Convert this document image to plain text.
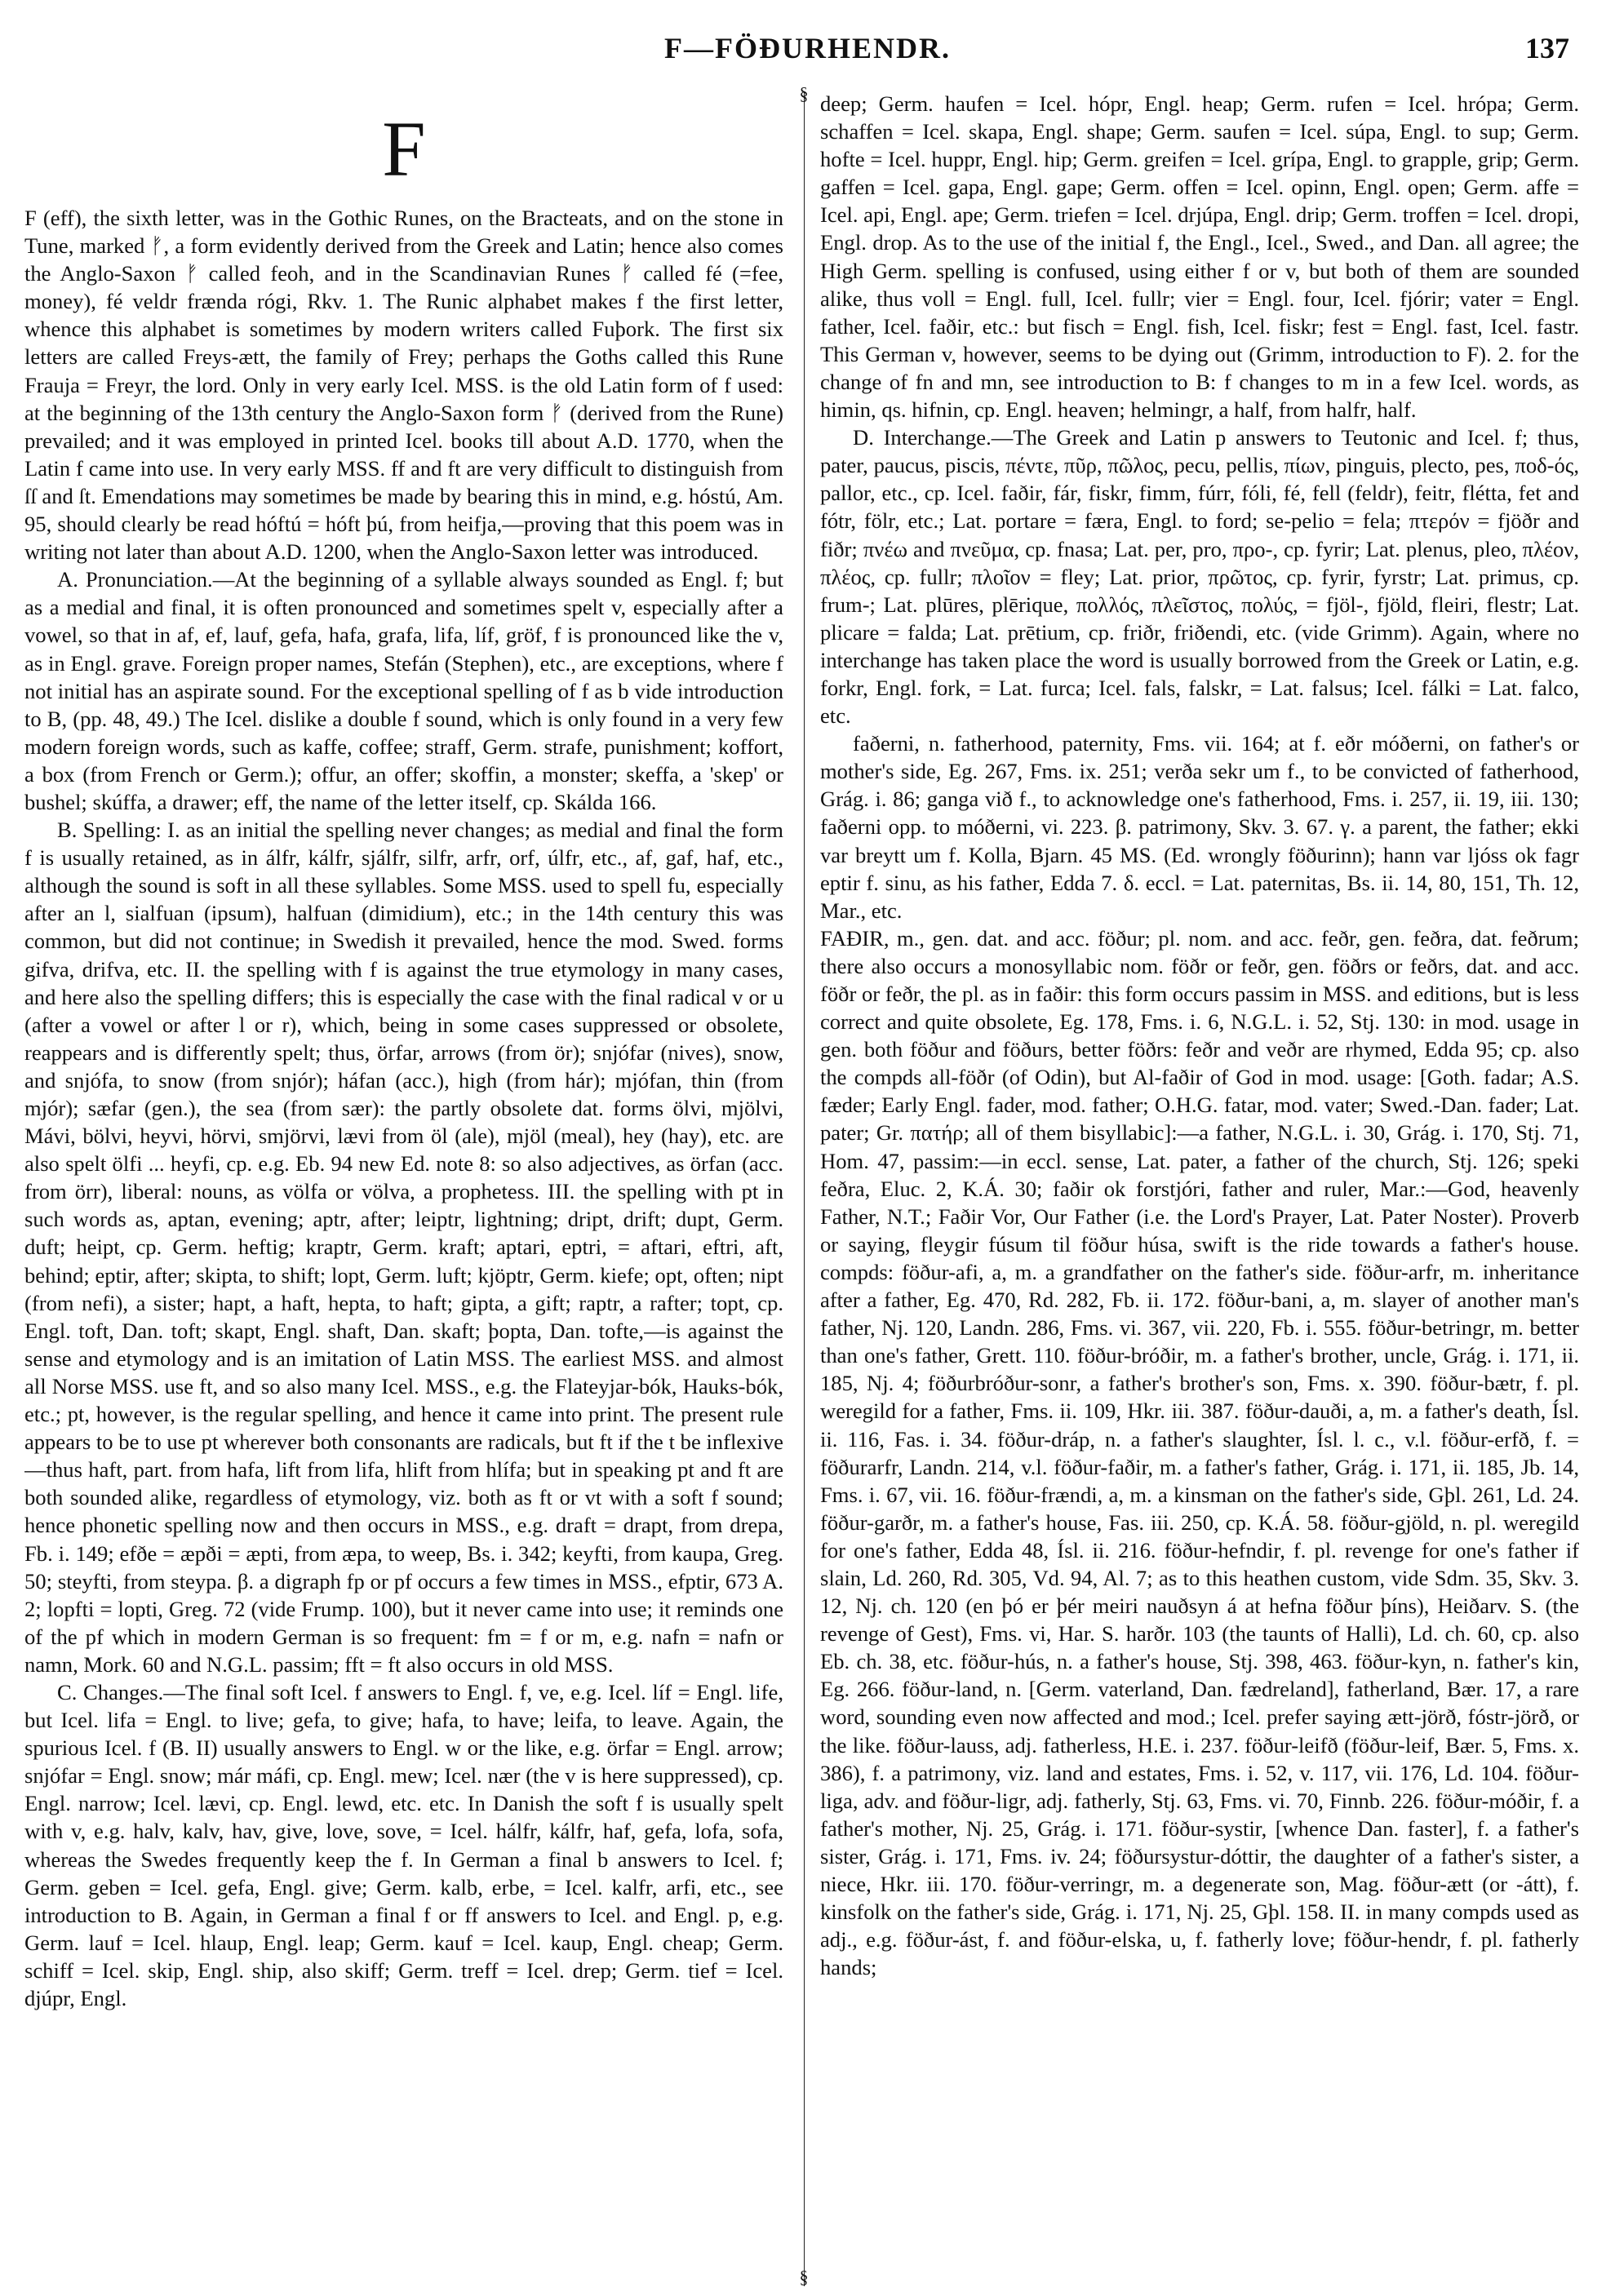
F—FÖÐURHENDR.	137
F

F (eff), the sixth letter, was in the Gothic Runes, on the Bracteats, and on the stone in Tune, marked ᚠ, a form evidently derived from the Greek and Latin; hence also comes the Anglo-Saxon ᚠ called feoh, and in the Scandinavian Runes ᚠ called fé (=fee, money), fé veldr frænda rógi, Rkv. 1. The Runic alphabet makes f the first letter, whence this alphabet is sometimes by modern writers called Fuþork. The first six letters are called Freys-ætt, the family of Frey; perhaps the Goths called this Rune Frauja = Freyr, the lord. Only in very early Icel. MSS. is the old Latin form of f used: at the beginning of the 13th century the Anglo-Saxon form ᚠ (derived from the Rune) prevailed; and it was employed in printed Icel. books till about A.D. 1770, when the Latin f came into use. In very early MSS. ff and ft are very difficult to distinguish from ſſ and ſt. Emendations may sometimes be made by bearing this in mind, e.g. hóstú, Am. 95, should clearly be read hóftú = hóft þú, from heifja,—proving that this poem was in writing not later than about A.D. 1200, when the Anglo-Saxon letter was introduced.

A. Pronunciation.—At the beginning of a syllable always sounded as Engl. f; but as a medial and final, it is often pronounced and sometimes spelt v, especially after a vowel, so that in af, ef, lauf, gefa, hafa, grafa, lifa, líf, gröf, f is pronounced like the v, as in Engl. grave. Foreign proper names, Stefán (Stephen), etc., are exceptions, where f not initial has an aspirate sound. For the exceptional spelling of f as b vide introduction to B, (pp. 48, 49.) The Icel. dislike a double f sound, which is only found in a very few modern foreign words, such as kaffe, coffee; straff, Germ. strafe, punishment; koffort, a box (from French or Germ.); offur, an offer; skoffin, a monster; skeffa, a 'skep' or bushel; skúffa, a drawer; eff, the name of the letter itself, cp. Skálda 166.

B. Spelling: I. as an initial the spelling never changes; as medial and final the form f is usually retained, as in álfr, kálfr, sjálfr, silfr, arfr, orf, úlfr, etc., af, gaf, haf, etc., although the sound is soft in all these syllables. Some MSS. used to spell fu, especially after an l, sialfuan (ipsum), halfuan (dimidium), etc.; in the 14th century this was common, but did not continue; in Swedish it prevailed, hence the mod. Swed. forms gifva, drifva, etc. II. the spelling with f is against the true etymology in many cases, and here also the spelling differs; this is especially the case with the final radical v or u (after a vowel or after l or r), which, being in some cases suppressed or obsolete, reappears and is differently spelt; thus, örfar, arrows (from ör); snjófar (nives), snow, and snjófa, to snow (from snjór); háfan (acc.), high (from hár); mjófan, thin (from mjór); sæfar (gen.), the sea (from sær): the partly obsolete dat. forms ölvi, mjölvi, Mávi, bölvi, heyvi, hörvi, smjörvi, lævi from öl (ale), mjöl (meal), hey (hay), etc. are also spelt ölfi ... heyfi, cp. e.g. Eb. 94 new Ed. note 8: so also adjectives, as örfan (acc. from örr), liberal: nouns, as völfa or völva, a prophetess. III. the spelling with pt in such words as, aptan, evening; aptr, after; leiptr, lightning; dript, drift; dupt, Germ. duft; heipt, cp. Germ. heftig; kraptr, Germ. kraft; aptari, eptri, = aftari, eftri, aft, behind; eptir, after; skipta, to shift; lopt, Germ. luft; kjöptr, Germ. kiefe; opt, often; nipt (from nefi), a sister; hapt, a haft, hepta, to haft; gipta, a gift; raptr, a rafter; topt, cp. Engl. toft, Dan. toft; skapt, Engl. shaft, Dan. skaft; þopta, Dan. tofte,—is against the sense and etymology and is an imitation of Latin MSS. The earliest MSS. and almost all Norse MSS. use ft, and so also many Icel. MSS., e.g. the Flateyjar-bók, Hauks-bók, etc.; pt, however, is the regular spelling, and hence it came into print. The present rule appears to be to use pt wherever both consonants are radicals, but ft if the t be inflexive—thus haft, part. from hafa, lift from lifa, hlift from hlífa; but in speaking pt and ft are both sounded alike, regardless of etymology, viz. both as ft or vt with a soft f sound; hence phonetic spelling now and then occurs in MSS., e.g. draft = drapt, from drepa, Fb. i. 149; efðe = æpði = æpti, from æpa, to weep, Bs. i. 342; keyfti, from kaupa, Greg. 50; steyfti, from steypa. β. a digraph fp or pf occurs a few times in MSS., efptir, 673 A. 2; lopfti = lopti, Greg. 72 (vide Frump. 100), but it never came into use; it reminds one of the pf which in modern German is so frequent: fm = f or m, e.g. nafn = nafn or namn, Mork. 60 and N.G.L. passim; fft = ft also occurs in old MSS.

C. Changes.—The final soft Icel. f answers to Engl. f, ve, e.g. Icel. líf = Engl. life, but Icel. lifa = Engl. to live; gefa, to give; hafa, to have; leifa, to leave. Again, the spurious Icel. f (B. II) usually answers to Engl. w or the like, e.g. örfar = Engl. arrow; snjófar = Engl. snow; már máfi, cp. Engl. mew; Icel. nær (the v is here suppressed), cp. Engl. narrow; Icel. lævi, cp. Engl. lewd, etc. etc. In Danish the soft f is usually spelt with v, e.g. halv, kalv, hav, give, love, sove, = Icel. hálfr, kálfr, haf, gefa, lofa, sofa, whereas the Swedes frequently keep the f. In German a final b answers to Icel. f; Germ. geben = Icel. gefa, Engl. give; Germ. kalb, erbe, = Icel. kalfr, arfi, etc., see introduction to B. Again, in German a final f or ff answers to Icel. and Engl. p, e.g. Germ. lauf = Icel. hlaup, Engl. leap; Germ. kauf = Icel. kaup, Engl. cheap; Germ. schiff = Icel. skip, Engl. ship, also skiff; Germ. treff = Icel. drep; Germ. tief = Icel. djúpr, Engl.

§
§

deep; Germ. haufen = Icel. hópr, Engl. heap; Germ. rufen = Icel. hrópa; Germ. schaffen = Icel. skapa, Engl. shape; Germ. saufen = Icel. súpa, Engl. to sup; Germ. hofte = Icel. huppr, Engl. hip; Germ. greifen = Icel. grípa, Engl. to grapple, grip; Germ. gaffen = Icel. gapa, Engl. gape; Germ. offen = Icel. opinn, Engl. open; Germ. affe = Icel. api, Engl. ape; Germ. triefen = Icel. drjúpa, Engl. drip; Germ. troffen = Icel. dropi, Engl. drop. As to the use of the initial f, the Engl., Icel., Swed., and Dan. all agree; the High Germ. spelling is confused, using either f or v, but both of them are sounded alike, thus voll = Engl. full, Icel. fullr; vier = Engl. four, Icel. fjórir; vater = Engl. father, Icel. faðir, etc.: but fisch = Engl. fish, Icel. fiskr; fest = Engl. fast, Icel. fastr. This German v, however, seems to be dying out (Grimm, introduction to F). 2. for the change of fn and mn, see introduction to B: f changes to m in a few Icel. words, as himin, qs. hifnin, cp. Engl. heaven; helmingr, a half, from halfr, half.

D. Interchange.—The Greek and Latin p answers to Teutonic and Icel. f; thus, pater, paucus, piscis, πέντε, πῦρ, πῶλος, pecu, pellis, πίων, pinguis, plecto, pes, ποδ-ός, pallor, etc., cp. Icel. faðir, fár, fiskr, fimm, fúrr, fóli, fé, fell (feldr), feitr, flétta, fet and fótr, fölr, etc.; Lat. portare = færa, Engl. to ford; se-pelio = fela; πτερόν = fjöðr and fiðr; πνέω and πνεῦμα, cp. fnasa; Lat. per, pro, προ-, cp. fyrir; Lat. plenus, pleo, πλέον, πλέος, cp. fullr; πλοῖον = fley; Lat. prior, πρῶτος, cp. fyrir, fyrstr; Lat. primus, cp. frum-; Lat. plūres, plērique, πολλός, πλεῖστος, πολύς, = fjöl-, fjöld, fleiri, flestr; Lat. plicare = falda; Lat. prētium, cp. friðr, friðendi, etc. (vide Grimm). Again, where no interchange has taken place the word is usually borrowed from the Greek or Latin, e.g. forkr, Engl. fork, = Lat. furca; Icel. fals, falskr, = Lat. falsus; Icel. fálki = Lat. falco, etc.

faðerni, n. fatherhood, paternity, Fms. vii. 164; at f. eðr móðerni, on father's or mother's side, Eg. 267, Fms. ix. 251; verða sekr um f., to be convicted of fatherhood, Grág. i. 86; ganga við f., to acknowledge one's fatherhood, Fms. i. 257, ii. 19, iii. 130; faðerni opp. to móðerni, vi. 223. β. patrimony, Skv. 3. 67. γ. a parent, the father; ekki var breytt um f. Kolla, Bjarn. 45 MS. (Ed. wrongly föðurinn); hann var ljóss ok fagr eptir f. sinu, as his father, Edda 7. δ. eccl. = Lat. paternitas, Bs. ii. 14, 80, 151, Th. 12, Mar., etc.

FAÐIR, m., gen. dat. and acc. föður; pl. nom. and acc. feðr, gen. feðra, dat. feðrum; there also occurs a monosyllabic nom. föðr or feðr, gen. föðrs or feðrs, dat. and acc. föðr or feðr, the pl. as in faðir: this form occurs passim in MSS. and editions, but is less correct and quite obsolete, Eg. 178, Fms. i. 6, N.G.L. i. 52, Stj. 130: in mod. usage in gen. both föður and föðurs, better föðrs: feðr and veðr are rhymed, Edda 95; cp. also the compds all-föðr (of Odin), but Al-faðir of God in mod. usage: [Goth. fadar; A.S. fæder; Early Engl. fader, mod. father; O.H.G. fatar, mod. vater; Swed.-Dan. fader; Lat. pater; Gr. πατήρ; all of them bisyllabic]:—a father, N.G.L. i. 30, Grág. i. 170, Stj. 71, Hom. 47, passim:—in eccl. sense, Lat. pater, a father of the church, Stj. 126; speki feðra, Eluc. 2, K.Á. 30; faðir ok forstjóri, father and ruler, Mar.:—God, heavenly Father, N.T.; Faðir Vor, Our Father (i.e. the Lord's Prayer, Lat. Pater Noster). Proverb or saying, fleygir fúsum til föður húsa, swift is the ride towards a father's house. compds: föður-afi, a, m. a grandfather on the father's side. föður-arfr, m. inheritance after a father, Eg. 470, Rd. 282, Fb. ii. 172. föður-bani, a, m. slayer of another man's father, Nj. 120, Landn. 286, Fms. vi. 367, vii. 220, Fb. i. 555. föður-betringr, m. better than one's father, Grett. 110. föður-bróðir, m. a father's brother, uncle, Grág. i. 171, ii. 185, Nj. 4; föðurbróður-sonr, a father's brother's son, Fms. x. 390. föður-bætr, f. pl. weregild for a father, Fms. ii. 109, Hkr. iii. 387. föður-dauði, a, m. a father's death, Ísl. ii. 116, Fas. i. 34. föður-dráp, n. a father's slaughter, Ísl. l. c., v.l. föður-erfð, f. = föðurarfr, Landn. 214, v.l. föður-faðir, m. a father's father, Grág. i. 171, ii. 185, Jb. 14, Fms. i. 67, vii. 16. föður-frændi, a, m. a kinsman on the father's side, Gþl. 261, Ld. 24. föður-garðr, m. a father's house, Fas. iii. 250, cp. K.Á. 58. föður-gjöld, n. pl. weregild for one's father, Edda 48, Ísl. ii. 216. föður-hefndir, f. pl. revenge for one's father if slain, Ld. 260, Rd. 305, Vd. 94, Al. 7; as to this heathen custom, vide Sdm. 35, Skv. 3. 12, Nj. ch. 120 (en þó er þér meiri nauðsyn á at hefna föður þíns), Heiðarv. S. (the revenge of Gest), Fms. vi, Har. S. harðr. 103 (the taunts of Halli), Ld. ch. 60, cp. also Eb. ch. 38, etc. föður-hús, n. a father's house, Stj. 398, 463. föður-kyn, n. father's kin, Eg. 266. föður-land, n. [Germ. vaterland, Dan. fædreland], fatherland, Bær. 17, a rare word, sounding even now affected and mod.; Icel. prefer saying ætt-jörð, fóstr-jörð, or the like. föður-lauss, adj. fatherless, H.E. i. 237. föður-leifð (föður-leif, Bær. 5, Fms. x. 386), f. a patrimony, viz. land and estates, Fms. i. 52, v. 117, vii. 176, Ld. 104. föður-liga, adv. and föður-ligr, adj. fatherly, Stj. 63, Fms. vi. 70, Finnb. 226. föður-móðir, f. a father's mother, Nj. 25, Grág. i. 171. föður-systir, [whence Dan. faster], f. a father's sister, Grág. i. 171, Fms. iv. 24; föðursystur-dóttir, the daughter of a father's sister, a niece, Hkr. iii. 170. föður-verringr, m. a degenerate son, Mag. föður-ætt (or -átt), f. kinsfolk on the father's side, Grág. i. 171, Nj. 25, Gþl. 158. II. in many compds used as adj., e.g. föður-ást, f. and föður-elska, u, f. fatherly love; föður-hendr, f. pl. fatherly hands;
